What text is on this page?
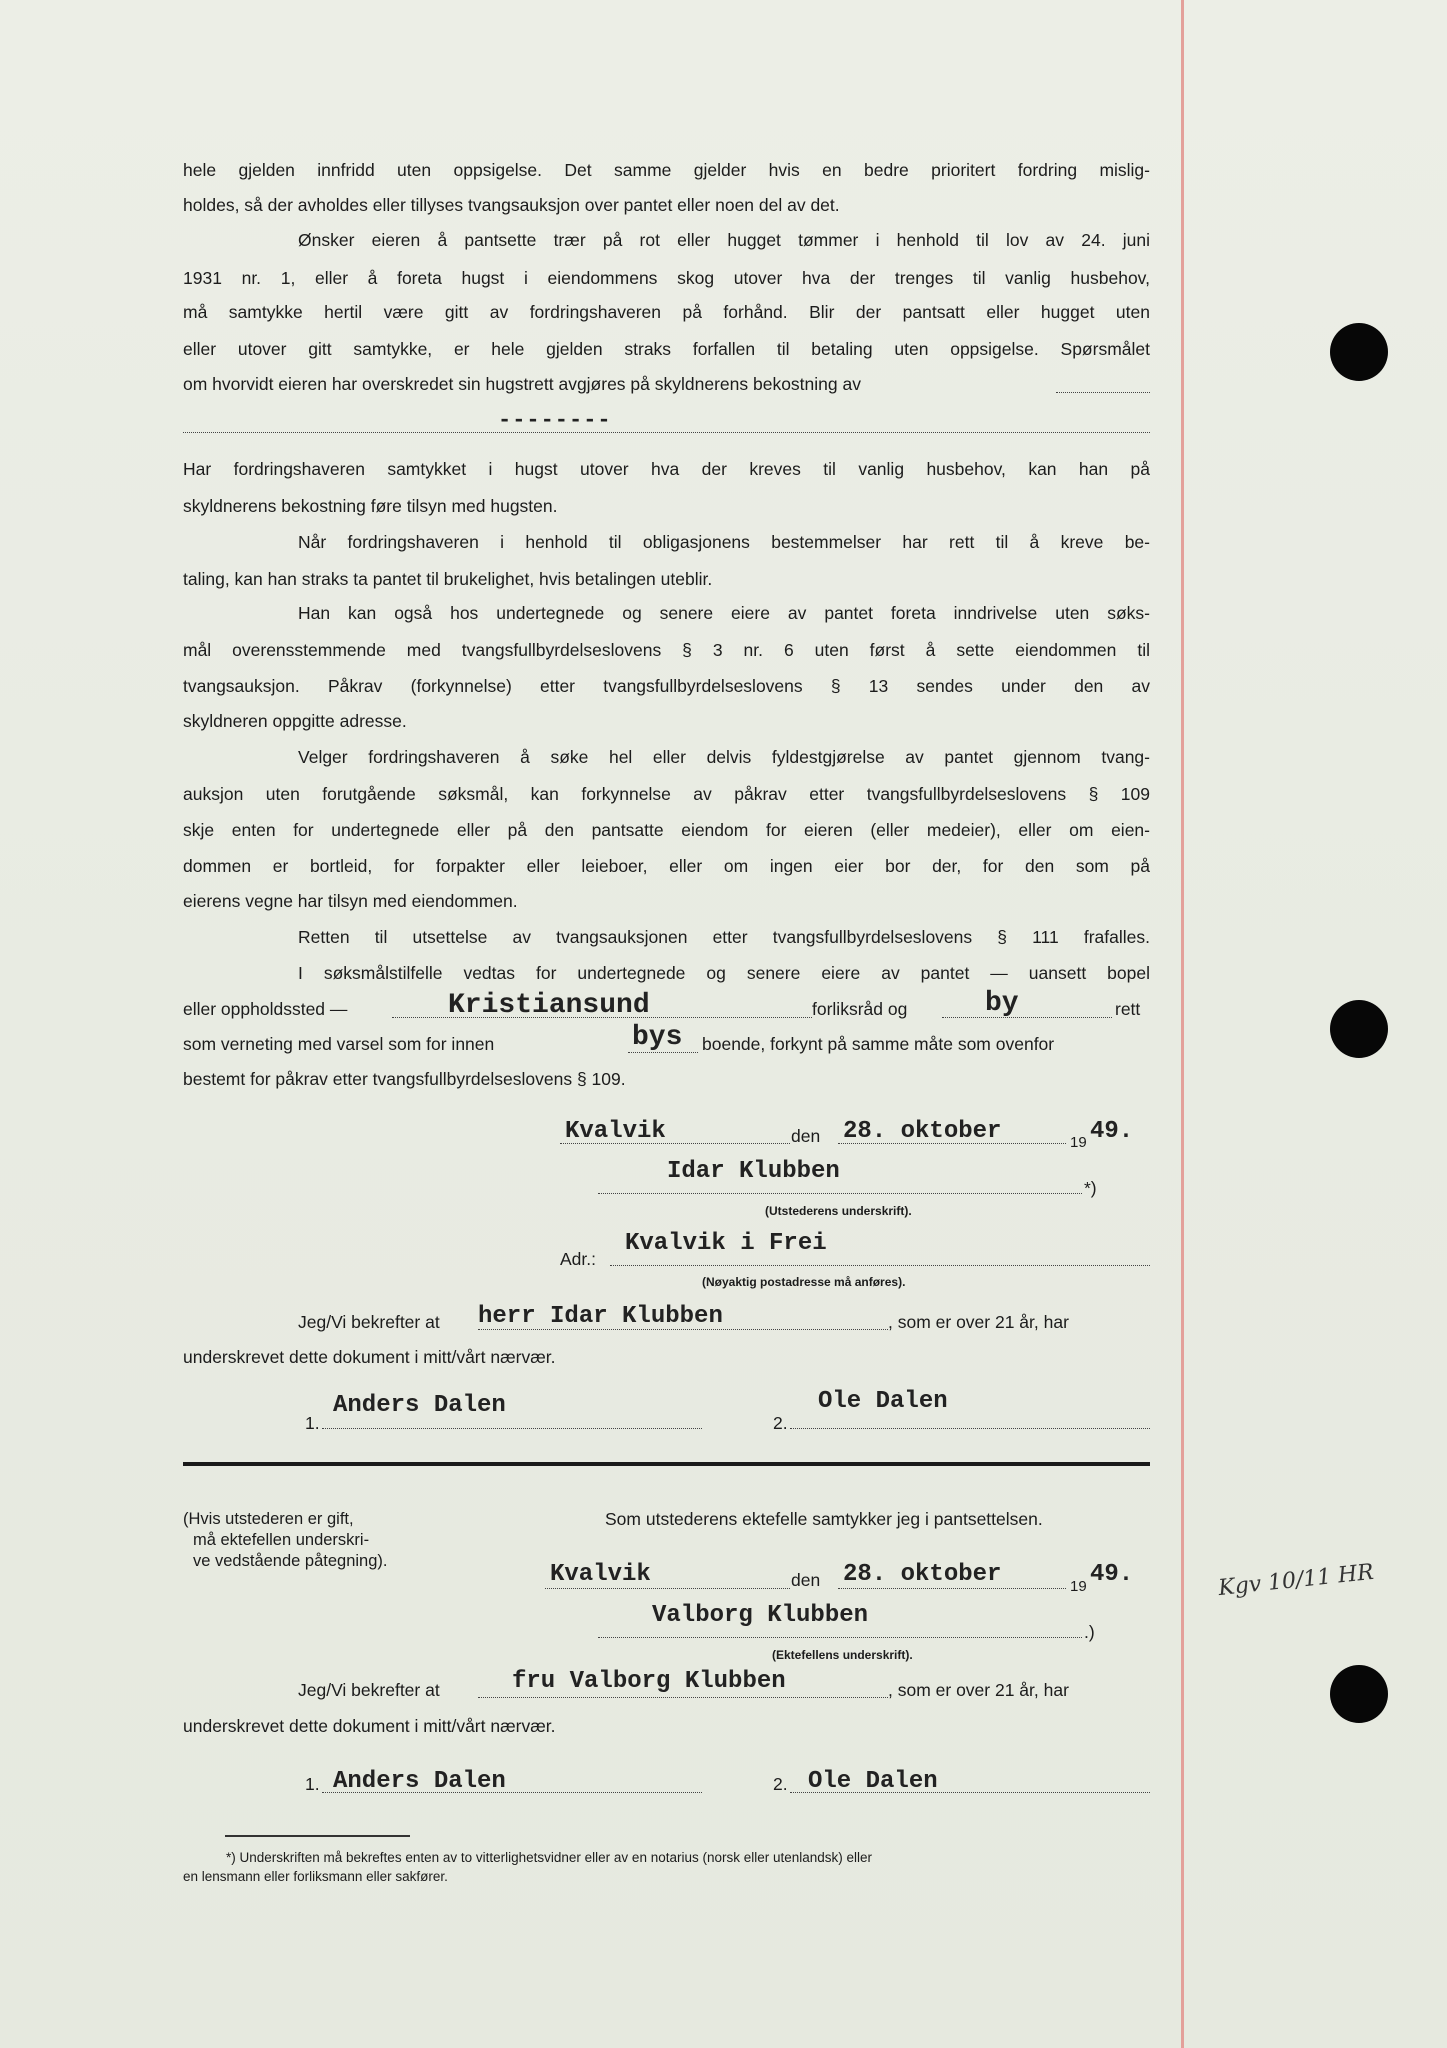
hele gjelden innfridd uten oppsigelse. Det samme gjelder hvis en bedre prioritert fordring mislig-
holdes, så der avholdes eller tillyses tvangsauksjon over pantet eller noen del av det.
Ønsker eieren å pantsette trær på rot eller hugget tømmer i henhold til lov av 24. juni
1931 nr. 1, eller å foreta hugst i eiendommens skog utover hva der trenges til vanlig husbehov,
må samtykke hertil være gitt av fordringshaveren på forhånd. Blir der pantsatt eller hugget uten
eller utover gitt samtykke, er hele gjelden straks forfallen til betaling uten oppsigelse. Spørsmålet
om hvorvidt eieren har overskredet sin hugstrett avgjøres på skyldnerens bekostning av
--------
Har fordringshaveren samtykket i hugst utover hva der kreves til vanlig husbehov, kan han på
skyldnerens bekostning føre tilsyn med hugsten.
Når fordringshaveren i henhold til obligasjonens bestemmelser har rett til å kreve be-
taling, kan han straks ta pantet til brukelighet, hvis betalingen uteblir.
Han kan også hos undertegnede og senere eiere av pantet foreta inndrivelse uten søks-
mål overensstemmende med tvangsfullbyrdelseslovens § 3 nr. 6 uten først å sette eiendommen til
tvangsauksjon. Påkrav (forkynnelse) etter tvangsfullbyrdelseslovens § 13 sendes under den av
skyldneren oppgitte adresse.
Velger fordringshaveren å søke hel eller delvis fyldestgjørelse av pantet gjennom tvang-
auksjon uten forutgående søksmål, kan forkynnelse av påkrav etter tvangsfullbyrdelseslovens § 109
skje enten for undertegnede eller på den pantsatte eiendom for eieren (eller medeier), eller om eien-
dommen er bortleid, for forpakter eller leieboer, eller om ingen eier bor der, for den som på
eierens vegne har tilsyn med eiendommen.
Retten til utsettelse av tvangsauksjonen etter tvangsfullbyrdelseslovens § 111 frafalles.
I søksmålstilfelle vedtas for undertegnede og senere eiere av pantet — uansett bopel
eller oppholdssted —	Kristiansund	forliksråd og	by	rett
som verneting med varsel som for innen	bys boende, forkynt på samme måte som ovenfor
bestemt for påkrav etter tvangsfullbyrdelseslovens § 109.
Kvalvik	den 28. oktober	19 49.
Idar Klubben
*)
(Utstederens underskrift).
Adr.:
Kvalvik i Frei
(Nøyaktig postadresse må anføres).
Jeg/Vi bekrefter at herr Idar Klubben	, som er over 21 år, har
underskrevet dette dokument i mitt/vårt nærvær.
1.
Anders Dalen
2.
Ole Dalen
(Hvis utstederen er gift,
må ektefellen underskri-
ve vedstående påtegning).
Som utstederens ektefelle samtykker jeg i pantsettelsen.
Kvalvik	den 28. oktober	19 49.	Kgv 10/11 HR
Valborg Klubben
.)
(Ektefellens underskrift).
Jeg/Vi bekrefter at	fru Valborg Klubben	, som er over 21 år, har
underskrevet dette dokument i mitt/vårt nærvær.
1. Anders Dalen	2. Ole Dalen
*) Underskriften må bekreftes enten av to vitterlighetsvidner eller av en notarius (norsk eller utenlandsk) eller
en lensmann eller forliksmann eller sakfører.
